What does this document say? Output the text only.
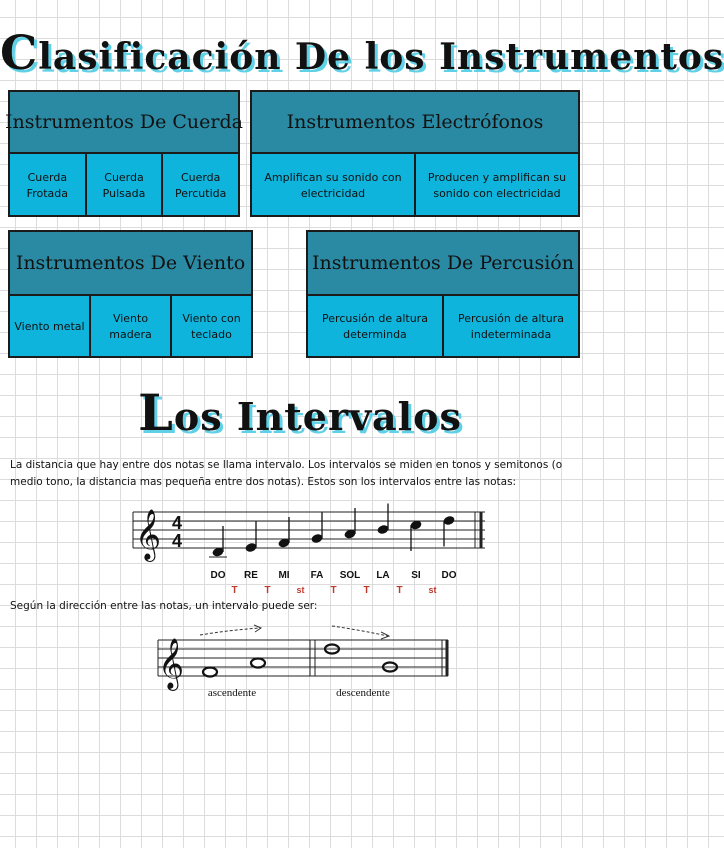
Clasificación De los Instrumentos
Instrumentos De Cuerda
Cuerda Frotada
Cuerda Pulsada
Cuerda Percutida
Instrumentos Electrófonos
Amplifican su sonido con electricidad
Producen y amplifican su sonido con electricidad
Instrumentos De Viento
Viento metal
Viento madera
Viento con teclado
Instrumentos De Percusión
Percusión de altura determinda
Percusión de altura indeterminada
Los Intervalos
La distancia que hay entre dos notas se llama intervalo. Los intervalos se miden en tonos y semitonos (o medio tono, la distancia mas pequeña entre dos notas). Estos son los intervalos entre las notas:
𝄞 4
4
DO RE MI FA SOL LA SI DO
T	T	st	T	T	T	st
Según la dirección entre las notas, un intervalo puede ser:
𝄞
ascendente	descendente
